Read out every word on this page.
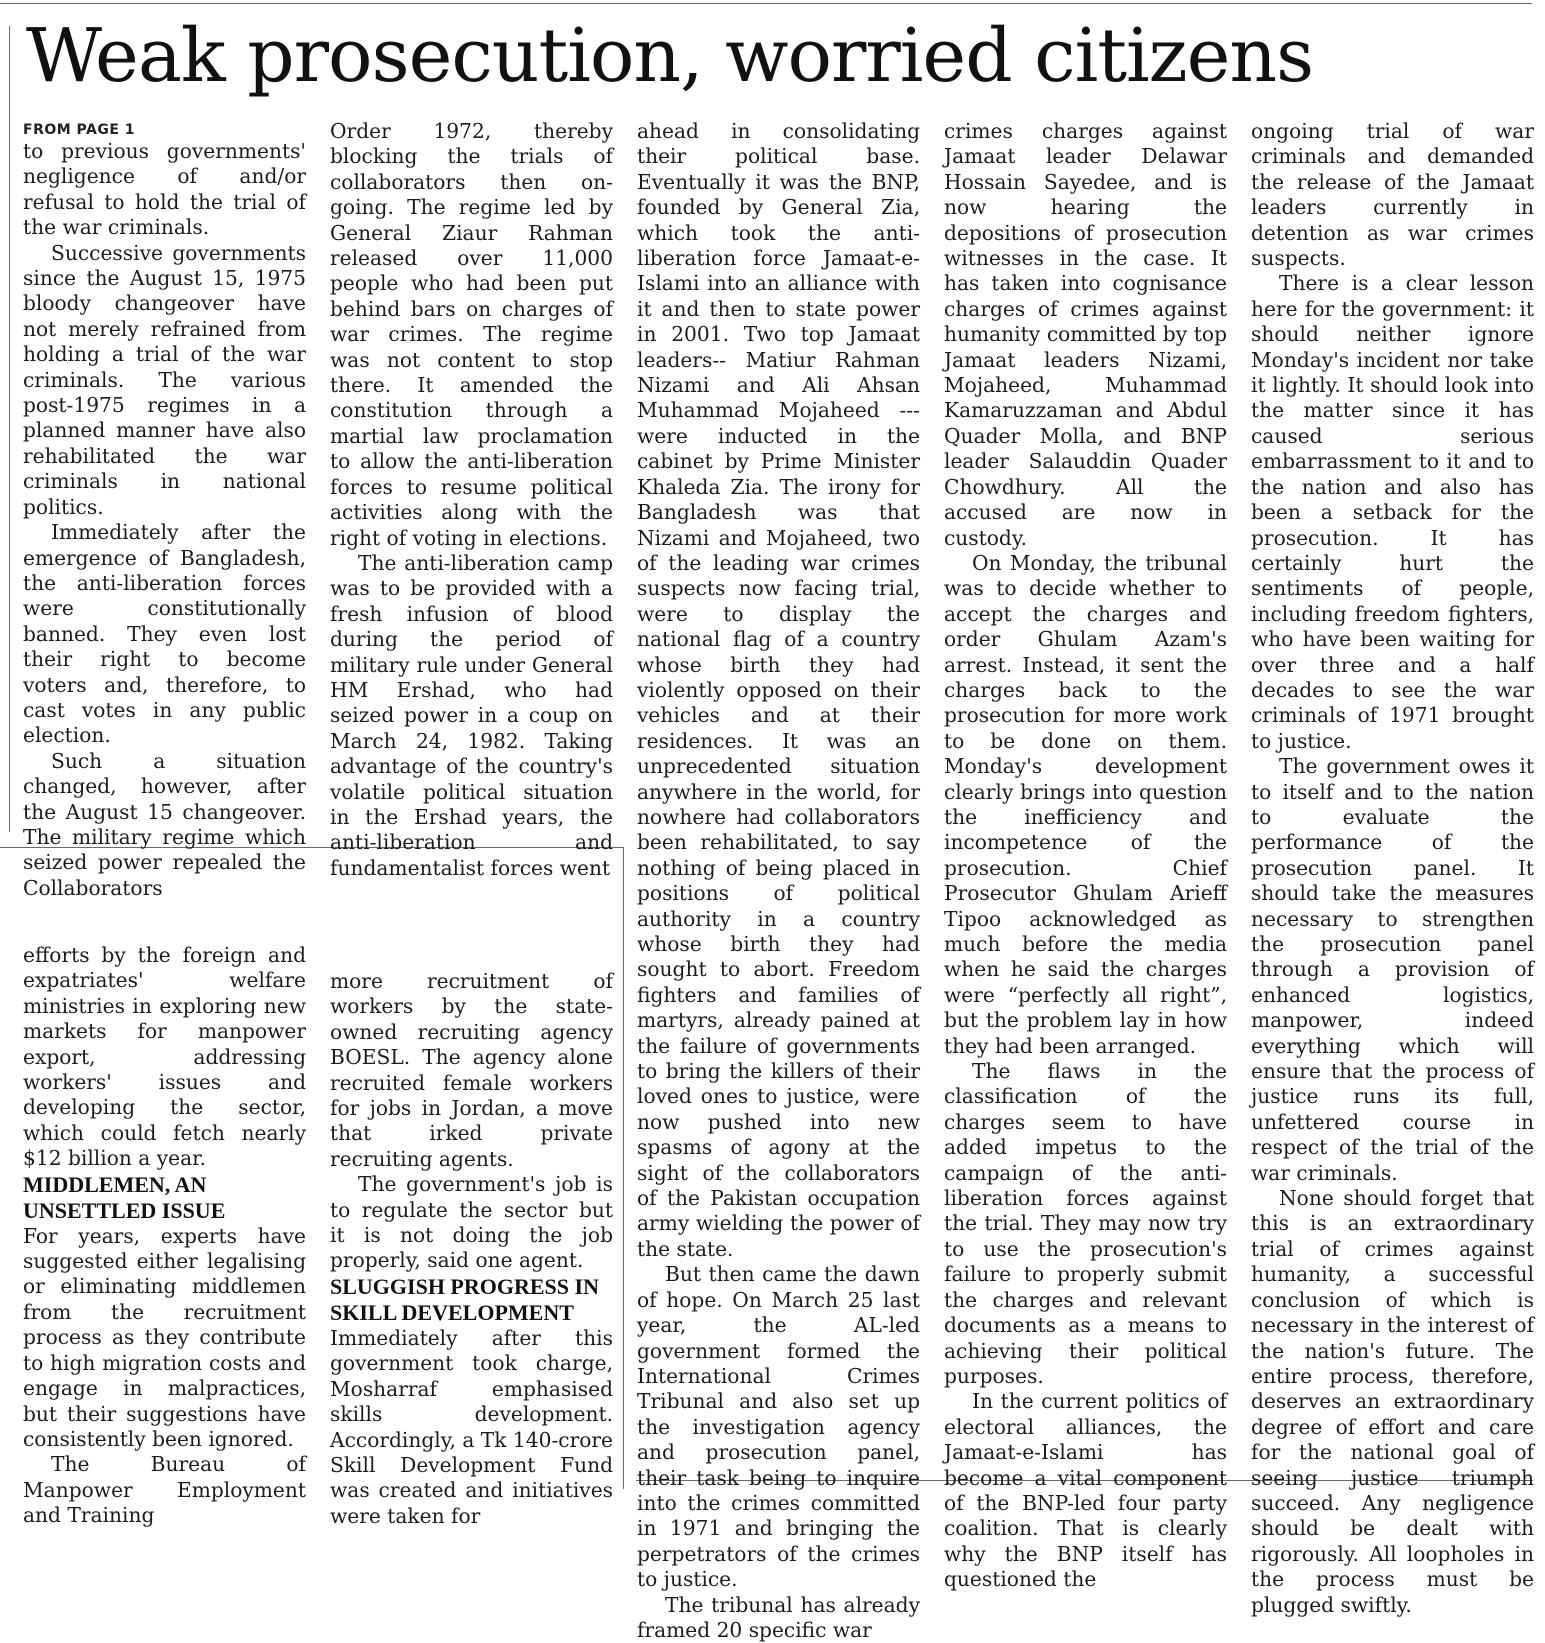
Weak prosecution, worried citizens
FROM PAGE 1

to previous governments' negligence of and/or refusal to hold the trial of the war criminals.

Successive governments since the August 15, 1975 bloody changeover have not merely refrained from holding a trial of the war criminals. The various post-1975 regimes in a planned manner have also rehabilitated the war criminals in national politics.

Immediately after the emergence of Bangladesh, the anti-liberation forces were constitutionally banned. They even lost their right to become voters and, therefore, to cast votes in any public election.

Such a situation changed, however, after the August 15 changeover. The military regime which seized power repealed the Collaborators

Order 1972, thereby blocking the trials of collaborators then on-going. The regime led by General Ziaur Rahman released over 11,000 people who had been put behind bars on charges of war crimes. The regime was not content to stop there. It amended the constitution through a martial law proclamation to allow the anti-liberation forces to resume political activities along with the right of voting in elections.

The anti-liberation camp was to be provided with a fresh infusion of blood during the period of military rule under General HM Ershad, who had seized power in a coup on March 24, 1982. Taking advantage of the country's volatile political situation in the Ershad years, the anti-liberation and fundamentalist forces went

ahead in consolidating their political base. Eventually it was the BNP, founded by General Zia, which took the anti-liberation force Jamaat-e-Islami into an alliance with it and then to state power in 2001. Two top Jamaat leaders-- Matiur Rahman Nizami and Ali Ahsan Muhammad Mojaheed --- were inducted in the cabinet by Prime Minister Khaleda Zia. The irony for Bangladesh was that Nizami and Mojaheed, two of the leading war crimes suspects now facing trial, were to display the national flag of a country whose birth they had violently opposed on their vehicles and at their residences. It was an unprecedented situation anywhere in the world, for nowhere had collaborators been rehabilitated, to say nothing of being placed in positions of political authority in a country whose birth they had sought to abort. Freedom fighters and families of martyrs, already pained at the failure of governments to bring the killers of their loved ones to justice, were now pushed into new spasms of agony at the sight of the collaborators of the Pakistan occupation army wielding the power of the state.

But then came the dawn of hope. On March 25 last year, the AL-led government formed the International Crimes Tribunal and also set up the investigation agency and prosecution panel, their task being to inquire into the crimes committed in 1971 and bringing the perpetrators of the crimes to justice.

The tribunal has already framed 20 specific war

crimes charges against Jamaat leader Delawar Hossain Sayedee, and is now hearing the depositions of prosecution witnesses in the case. It has taken into cognisance charges of crimes against humanity committed by top Jamaat leaders Nizami, Mojaheed, Muhammad Kamaruzzaman and Abdul Quader Molla, and BNP leader Salauddin Quader Chowdhury. All the accused are now in custody.

On Monday, the tribunal was to decide whether to accept the charges and order Ghulam Azam's arrest. Instead, it sent the charges back to the prosecution for more work to be done on them. Monday's development clearly brings into question the inefficiency and incompetence of the prosecution. Chief Prosecutor Ghulam Arieff Tipoo acknowledged as much before the media when he said the charges were “perfectly all right”, but the problem lay in how they had been arranged.

The flaws in the classification of the charges seem to have added impetus to the campaign of the anti-liberation forces against the trial. They may now try to use the prosecution's failure to properly submit the charges and relevant documents as a means to achieving their political purposes.

In the current politics of electoral alliances, the Jamaat-e-Islami has become a vital component of the BNP-led four party coalition. That is clearly why the BNP itself has questioned the

ongoing trial of war criminals and demanded the release of the Jamaat leaders currently in detention as war crimes suspects.

There is a clear lesson here for the government: it should neither ignore Monday's incident nor take it lightly. It should look into the matter since it has caused serious embarrassment to it and to the nation and also has been a setback for the prosecution. It has certainly hurt the sentiments of people, including freedom fighters, who have been waiting for over three and a half decades to see the war criminals of 1971 brought to justice.

The government owes it to itself and to the nation to evaluate the performance of the prosecution panel. It should take the measures necessary to strengthen the prosecution panel through a provision of enhanced logistics, manpower, indeed everything which will ensure that the process of justice runs its full, unfettered course in respect of the trial of the war criminals.

None should forget that this is an extraordinary trial of crimes against humanity, a successful conclusion of which is necessary in the interest of the nation's future. The entire process, therefore, deserves an extraordinary degree of effort and care for the national goal of seeing justice triumph succeed. Any negligence should be dealt with rigorously. All loopholes in the process must be plugged swiftly.

efforts by the foreign and expatriates' welfare ministries in exploring new markets for manpower export, addressing workers' issues and developing the sector, which could fetch nearly $12 billion a year.

MIDDLEMEN, AN UNSETTLED ISSUE

For years, experts have suggested either legalising or eliminating middlemen from the recruitment process as they contribute to high migration costs and engage in malpractices, but their suggestions have consistently been ignored.

The Bureau of Manpower Employment and Training

more recruitment of workers by the state-owned recruiting agency BOESL. The agency alone recruited female workers for jobs in Jordan, a move that irked private recruiting agents.

The government's job is to regulate the sector but it is not doing the job properly, said one agent.

SLUGGISH PROGRESS IN SKILL DEVELOPMENT

Immediately after this government took charge, Mosharraf emphasised skills development. Accordingly, a Tk 140-crore Skill Development Fund was created and initiatives were taken for
